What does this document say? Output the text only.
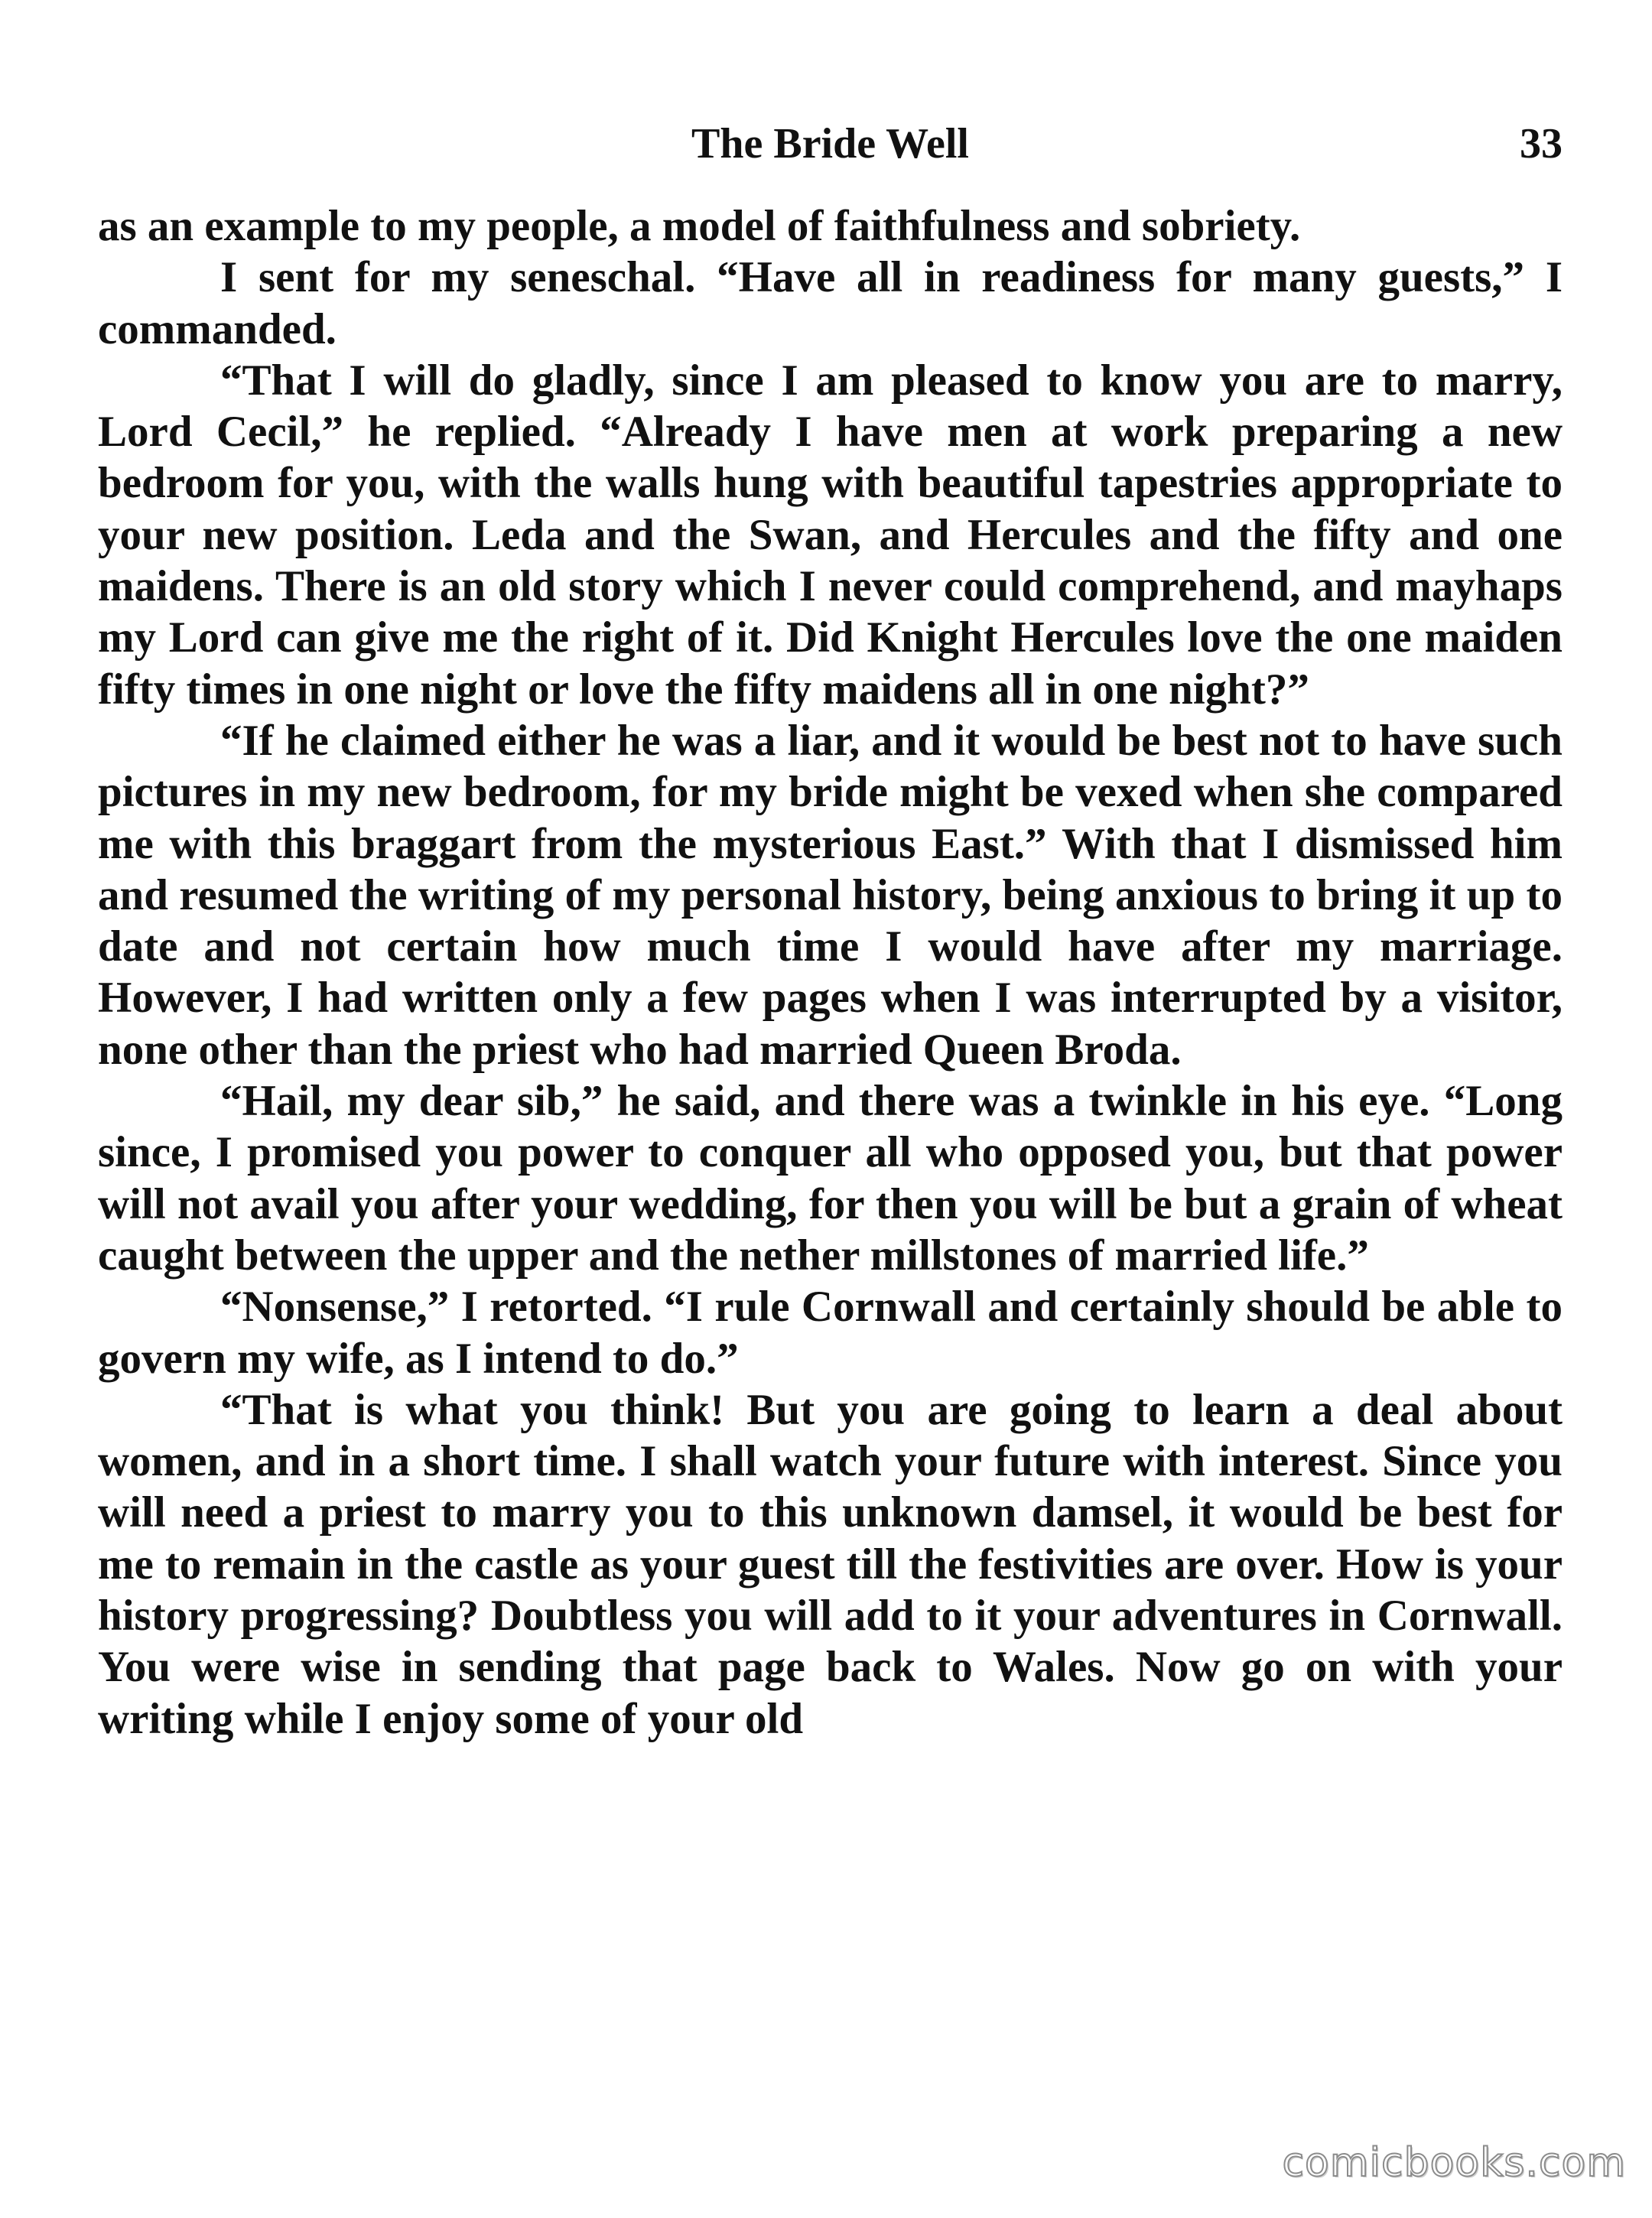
The Bride Well	33

as an example to my people, a model of faithfulness and sobriety.

I sent for my seneschal. “Have all in readiness for many guests,” I commanded.

“That I will do gladly, since I am pleased to know you are to marry, Lord Cecil,” he replied. “Already I have men at work preparing a new bedroom for you, with the walls hung with beautiful tapestries appropriate to your new position. Leda and the Swan, and Hercules and the fifty and one maidens. There is an old story which I never could comprehend, and mayhaps my Lord can give me the right of it. Did Knight Hercules love the one maiden fifty times in one night or love the fifty maidens all in one night?”

“If he claimed either he was a liar, and it would be best not to have such pictures in my new bedroom, for my bride might be vexed when she compared me with this braggart from the mysterious East.” With that I dismissed him and resumed the writing of my personal history, being anxious to bring it up to date and not certain how much time I would have after my marriage. However, I had written only a few pages when I was interrupted by a visitor, none other than the priest who had married Queen Broda.

“Hail, my dear sib,” he said, and there was a twinkle in his eye. “Long since, I promised you power to conquer all who opposed you, but that power will not avail you after your wedding, for then you will be but a grain of wheat caught between the upper and the nether millstones of married life.”

“Nonsense,” I retorted. “I rule Cornwall and certainly should be able to govern my wife, as I intend to do.”

“That is what you think! But you are going to learn a deal about women, and in a short time. I shall watch your future with interest. Since you will need a priest to marry you to this unknown damsel, it would be best for me to remain in the castle as your guest till the festivities are over. How is your history progressing? Doubtless you will add to it your adventures in Cornwall. You were wise in sending that page back to Wales. Now go on with your writing while I enjoy some of your old

comicbooks.com
